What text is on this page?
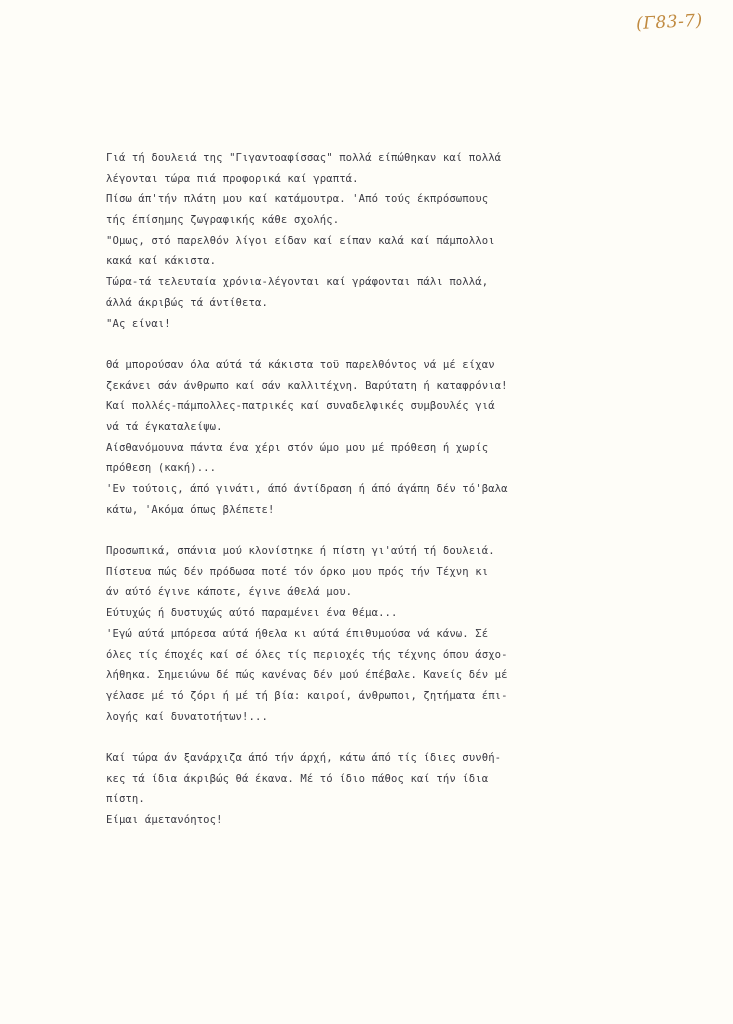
(Γ83-7)
Γιά τή δουλειά της "Γιγαντοαφίσσας" πολλά είπώθηκαν καί πολλά
λέγονται τώρα πιά προφορικά καί γραπτά.
Πίσω άπ'τήν πλάτη μου καί κατάμουτρα. 'Από τούς έκπρόσωπους
τής έπίσημης ζωγραφικής κάθε σχολής.
"Ομως, στό παρελθόν λίγοι είδαν καί είπαν καλά καί πάμπολλοι
κακά καί κάκιστα.
Τώρα-τά τελευταία χρόνια-λέγονται καί γράφονται πάλι πολλά,
άλλά άκριβώς τά άντίθετα.
"Ας είναι!
Θά μπορούσαν όλα αύτά τά κάκιστα τοϋ παρελθόντος νά μέ είχαν
ζεκάνει σάν άνθρωπο καί σάν καλλιτέχνη. Βαρύτατη ή καταφρόνια!
Καί πολλές-πάμπολλες-πατρικές καί συναδελφικές συμβουλές γιά
νά τά έγκαταλείψω.
Αίσθανόμουνα πάντα ένα χέρι στόν ώμο μου μέ πρόθεση ή χωρίς
πρόθεση (κακή)...
'Εν τούτοις, άπό γινάτι, άπό άντίδραση ή άπό άγάπη δέν τό'βαλα
κάτω, 'Ακόμα όπως βλέπετε!
Προσωπικά, σπάνια μού κλονίστηκε ή πίστη γι'αύτή τή δουλειά.
Πίστευα πώς δέν πρόδωσα ποτέ τόν όρκο μου πρός τήν Τέχνη κι
άν αύτό έγινε κάποτε, έγινε άθελά μου.
Εύτυχώς ή δυστυχώς αύτό παραμένει ένα θέμα...
'Εγώ αύτά μπόρεσα αύτά ήθελα κι αύτά έπιθυμούσα νά κάνω. Σέ
όλες τίς έποχές καί σέ όλες τίς περιοχές τής τέχνης όπου άσχο-
λήθηκα. Σημειώνω δέ πώς κανένας δέν μού έπέβαλε. Κανείς δέν μέ
γέλασε μέ τό ζόρι ή μέ τή βία: καιροί, άνθρωποι, ζητήματα έπι-
λογής καί δυνατοτήτων!...
Καί τώρα άν ξανάρχιζα άπό τήν άρχή, κάτω άπό τίς ίδιες συνθή-
κες τά ίδια άκριβώς θά έκανα. Μέ τό ίδιο πάθος καί τήν ίδια
πίστη.
Είμαι άμετανόητος!
